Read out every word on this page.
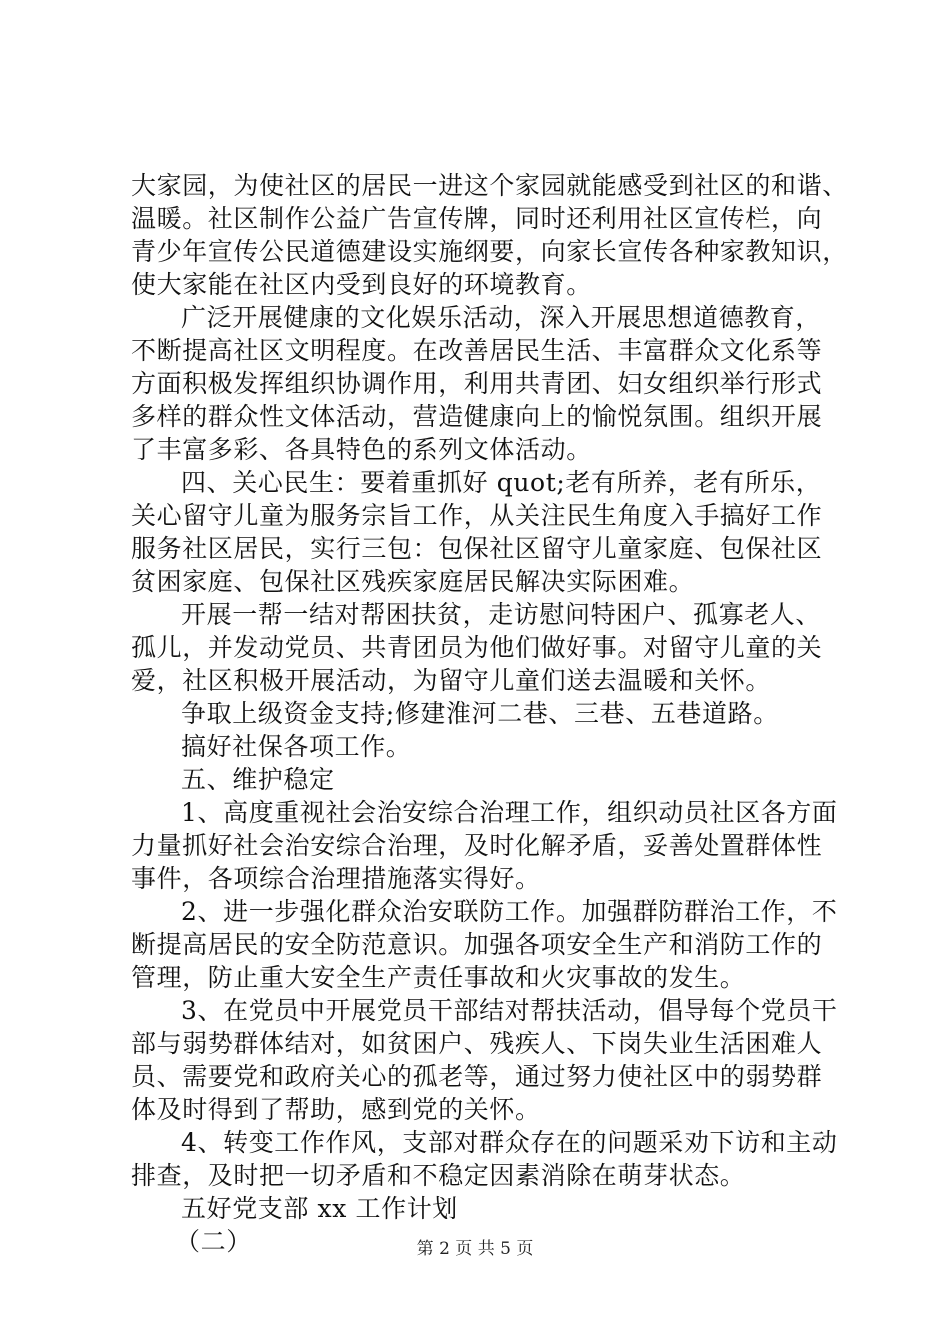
大家园，为使社区的居民一进这个家园就能感受到社区的和谐、
温暖。社区制作公益广告宣传牌，同时还利用社区宣传栏，向
青少年宣传公民道德建设实施纲要，向家长宣传各种家教知识，
使大家能在社区内受到良好的环境教育。
广泛开展健康的文化娱乐活动，深入开展思想道德教育，
不断提高社区文明程度。在改善居民生活、丰富群众文化系等
方面积极发挥组织协调作用，利用共青团、妇女组织举行形式
多样的群众性文体活动，营造健康向上的愉悦氛围。组织开展
了丰富多彩、各具特色的系列文体活动。
四、关心民生：要着重抓好 quot;老有所养，老有所乐，
关心留守儿童为服务宗旨工作，从关注民生角度入手搞好工作
服务社区居民，实行三包：包保社区留守儿童家庭、包保社区
贫困家庭、包保社区残疾家庭居民解决实际困难。
开展一帮一结对帮困扶贫，走访慰问特困户、孤寡老人、
孤儿，并发动党员、共青团员为他们做好事。对留守儿童的关
爱，社区积极开展活动，为留守儿童们送去温暖和关怀。
争取上级资金支持;修建淮河二巷、三巷、五巷道路。
搞好社保各项工作。
五、维护稳定
1、高度重视社会治安综合治理工作，组织动员社区各方面
力量抓好社会治安综合治理，及时化解矛盾，妥善处置群体性
事件，各项综合治理措施落实得好。
2、进一步强化群众治安联防工作。加强群防群治工作，不
断提高居民的安全防范意识。加强各项安全生产和消防工作的
管理，防止重大安全生产责任事故和火灾事故的发生。
3、在党员中开展党员干部结对帮扶活动，倡导每个党员干
部与弱势群体结对，如贫困户、残疾人、下岗失业生活困难人
员、需要党和政府关心的孤老等，通过努力使社区中的弱势群
体及时得到了帮助，感到党的关怀。
4、转变工作作风，支部对群众存在的问题采劝下访和主动
排查，及时把一切矛盾和不稳定因素消除在萌芽状态。
五好党支部 xx 工作计划
（二）	第 2 页 共 5 页
